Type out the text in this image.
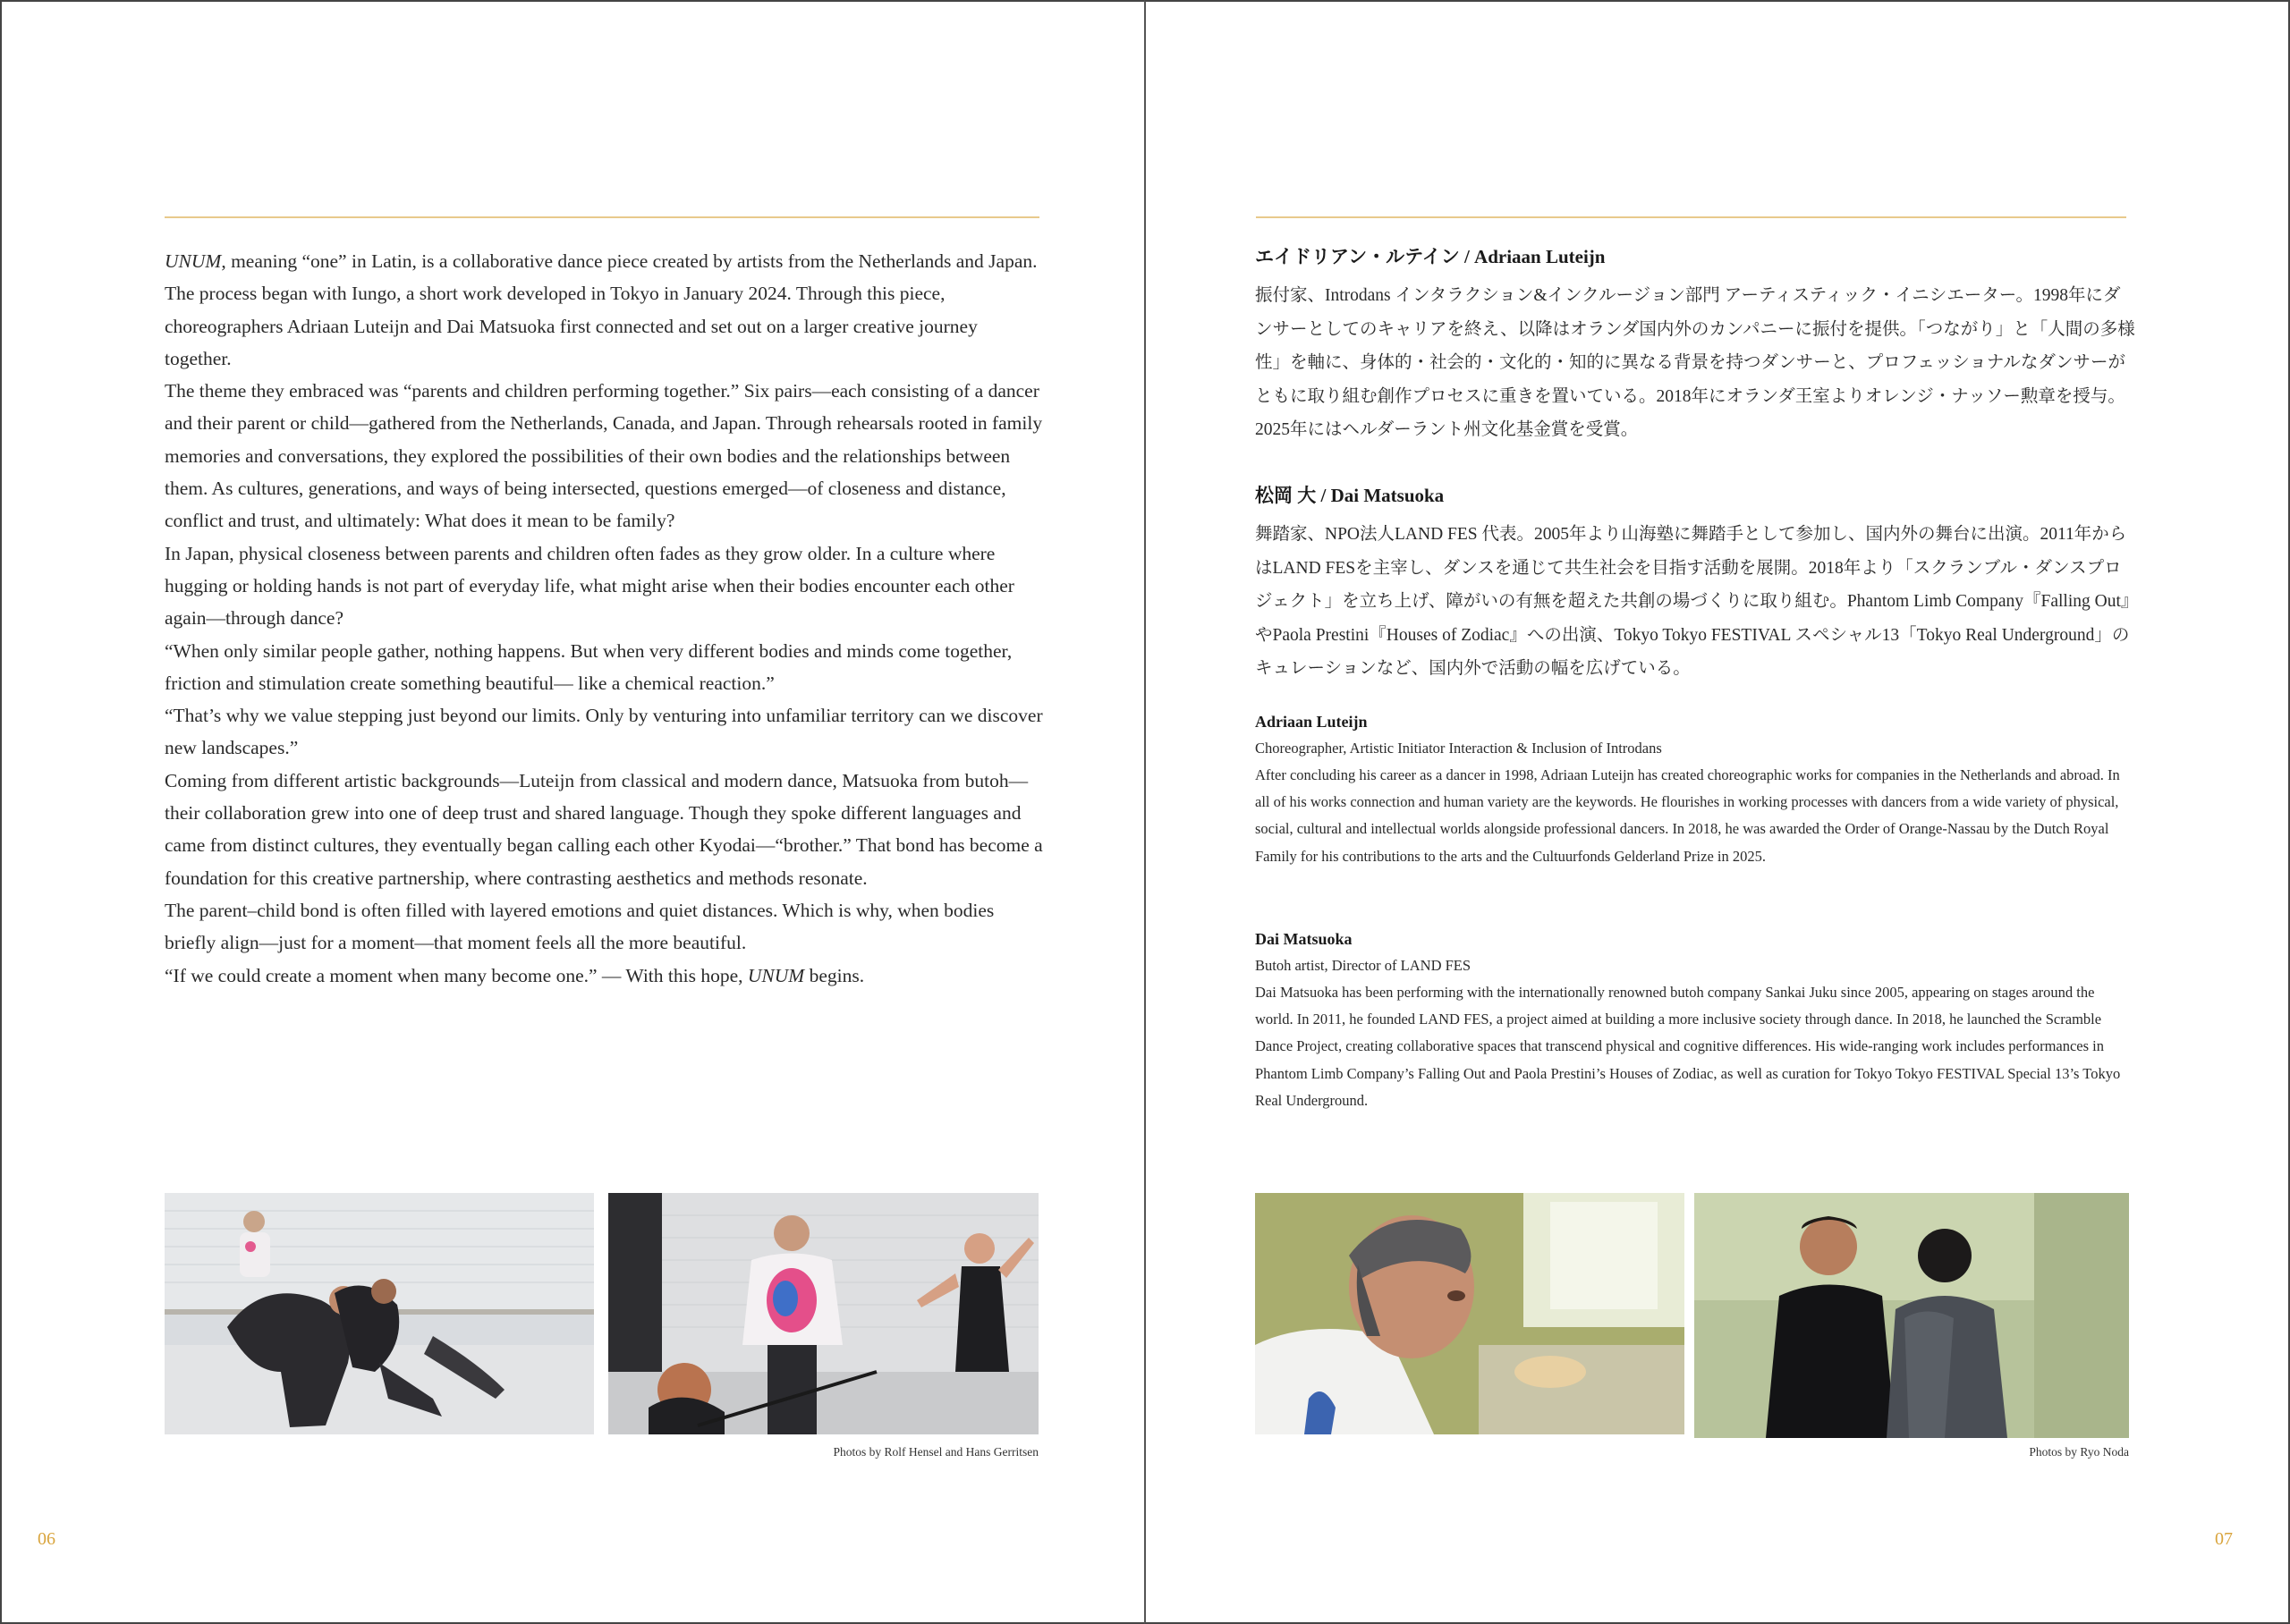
UNUM, meaning “one” in Latin, is a collaborative dance piece created by artists from the Netherlands and Japan.

The process began with Iungo, a short work developed in Tokyo in January 2024. Through this piece, choreographers Adriaan Luteijn and Dai Matsuoka first connected and set out on a larger creative journey together.

The theme they embraced was “parents and children performing together.” Six pairs—each consisting of a dancer and their parent or child—gathered from the Netherlands, Canada, and Japan. Through rehearsals rooted in family memories and conversations, they explored the possibilities of their own bodies and the relationships between them. As cultures, generations, and ways of being intersected, questions emerged—of closeness and distance, conflict and trust, and ultimately: What does it mean to be family?

In Japan, physical closeness between parents and children often fades as they grow older. In a culture where hugging or holding hands is not part of everyday life, what might arise when their bodies encounter each other again—through dance?

“When only similar people gather, nothing happens. But when very different bodies and minds come together, friction and stimulation create something beautiful— like a chemical reaction.”

“That’s why we value stepping just beyond our limits. Only by venturing into unfamiliar territory can we discover new landscapes.”

Coming from different artistic backgrounds—Luteijn from classical and modern dance, Matsuoka from butoh—their collaboration grew into one of deep trust and shared language. Though they spoke different languages and came from distinct cultures, they eventually began calling each other Kyodai—“brother.” That bond has become a foundation for this creative partnership, where contrasting aesthetics and methods resonate.

The parent–child bond is often filled with layered emotions and quiet distances. Which is why, when bodies briefly align—just for a moment—that moment feels all the more beautiful.

“If we could create a moment when many become one.” — With this hope, UNUM begins.

Photos by Rolf Hensel and Hans Gerritsen
06

エイドリアン・ルテイン / Adriaan Luteijn

振付家、Introdans インタラクション&インクルージョン部門 アーティスティック・イニシエーター。1998年にダンサーとしてのキャリアを終え、以降はオランダ国内外のカンパニーに振付を提供。「つながり」と「人間の多様性」を軸に、身体的・社会的・文化的・知的に異なる背景を持つダンサーと、プロフェッショナルなダンサーがともに取り組む創作プロセスに重きを置いている。2018年にオランダ王室よりオレンジ・ナッソー勲章を授与。2025年にはヘルダーラント州文化基金賞を受賞。

松岡 大 / Dai Matsuoka

舞踏家、NPO法人LAND FES 代表。2005年より山海塾に舞踏手として参加し、国内外の舞台に出演。2011年からはLAND FESを主宰し、ダンスを通じて共生社会を目指す活動を展開。2018年より「スクランブル・ダンスプロジェクト」を立ち上げ、障がいの有無を超えた共創の場づくりに取り組む。Phantom Limb Company『Falling Out』やPaola Prestini『Houses of Zodiac』への出演、Tokyo Tokyo FESTIVAL スペシャル13「Tokyo Real Underground」のキュレーションなど、国内外で活動の幅を広げている。

Adriaan Luteijn

Choreographer, Artistic Initiator Interaction & Inclusion of Introdans

After concluding his career as a dancer in 1998, Adriaan Luteijn has created choreographic works for companies in the Netherlands and abroad. In all of his works connection and human variety are the keywords. He flourishes in working processes with dancers from a wide variety of physical, social, cultural and intellectual worlds alongside professional dancers. In 2018, he was awarded the Order of Orange-Nassau by the Dutch Royal Family for his contributions to the arts and the Cultuurfonds Gelderland Prize in 2025.

Dai Matsuoka

Butoh artist, Director of LAND FES

Dai Matsuoka has been performing with the internationally renowned butoh company Sankai Juku since 2005, appearing on stages around the world. In 2011, he founded LAND FES, a project aimed at building a more inclusive society through dance. In 2018, he launched the Scramble Dance Project, creating collaborative spaces that transcend physical and cognitive differences. His wide-ranging work includes performances in Phantom Limb Company’s Falling Out and Paola Prestini’s Houses of Zodiac, as well as curation for Tokyo Tokyo FESTIVAL Special 13’s Tokyo Real Underground.

Photos by Ryo Noda
07
